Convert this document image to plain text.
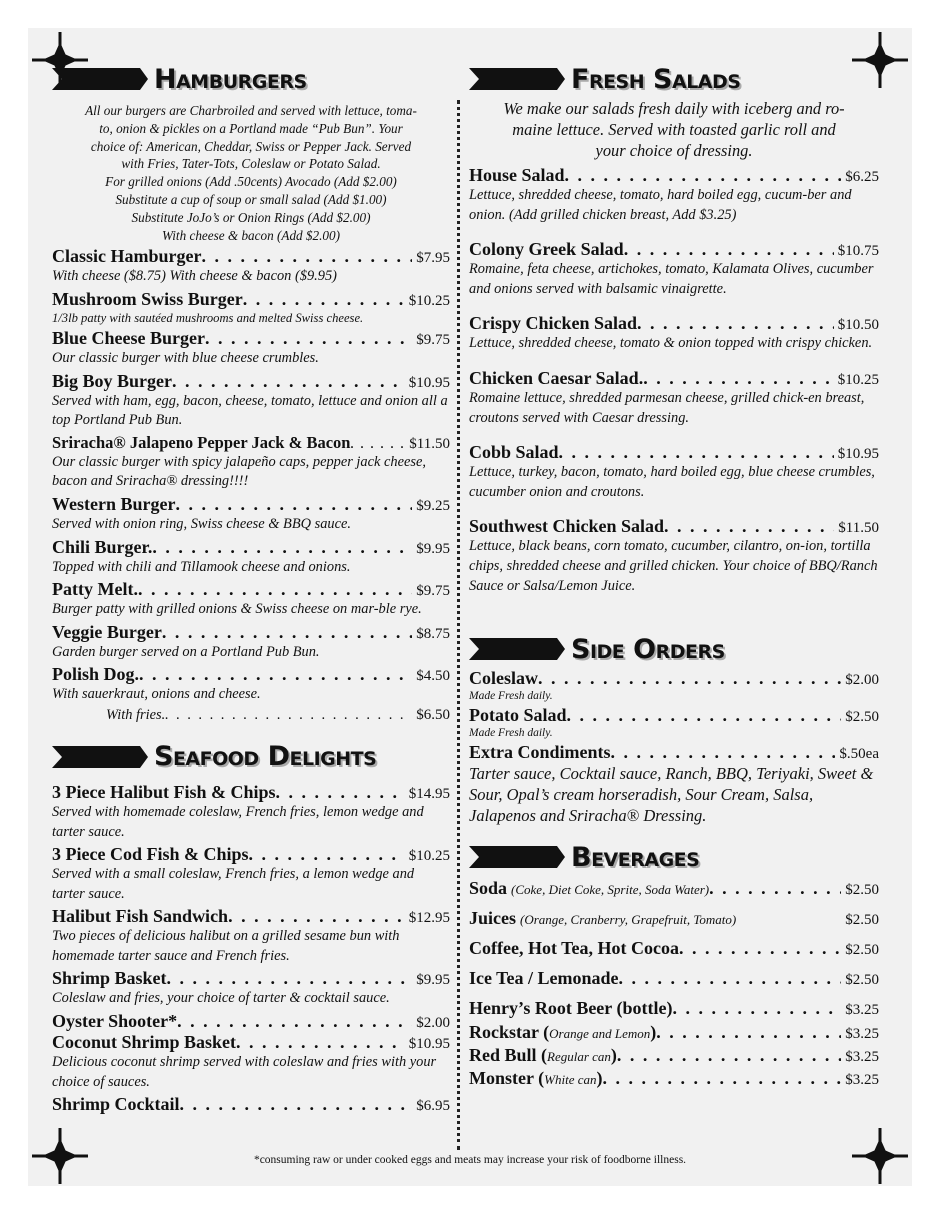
Hamburgers
All our burgers are Charbroiled and served with lettuce, toma-
to, onion & pickles on a Portland made “Pub Bun”. Your
choice of: American, Cheddar, Swiss or Pepper Jack. Served
with Fries, Tater-Tots, Coleslaw or Potato Salad.
For grilled onions (Add .50cents) Avocado (Add $2.00)
Substitute a cup of soup or small salad (Add $1.00)
Substitute JoJo’s or Onion Rings (Add $2.00)
With cheese & bacon (Add $2.00)
Classic Hamburger . . .	$7.95
With cheese ($8.75) With cheese & bacon ($9.95)
Mushroom Swiss Burger . . .	$10.25
1/3lb patty with sautéed mushrooms and melted Swiss cheese.
Blue Cheese Burger . . .	$9.75
Our classic burger with blue cheese crumbles.
Big Boy Burger . . .	$10.95
Served with ham, egg, bacon, cheese, tomato, lettuce and onion all a top Portland Pub Bun.
Sriracha® Jalapeno Pepper Jack & Bacon . . .	$11.50
Our classic burger with spicy jalapeño caps, pepper jack cheese, bacon and Sriracha® dressing!!!!
Western Burger . . .	$9.25
Served with onion ring, Swiss cheese & BBQ sauce.
Chili Burger. . . .	$9.95
Topped with chili and Tillamook cheese and onions.
Patty Melt. . . .	$9.75
Burger patty with grilled onions & Swiss cheese on mar-ble rye.
Veggie Burger . . .	$8.75
Garden burger served on a Portland Pub Bun.
Polish Dog. . . .	$4.50
With sauerkraut, onions and cheese.
With fries. . . .	$6.50
Seafood Delights
3 Piece Halibut Fish & Chips . . .	$14.95
Served with homemade coleslaw, French fries, lemon wedge and tarter sauce.
3 Piece Cod Fish & Chips . . .	$10.25
Served with a small coleslaw, French fries, a lemon wedge and tarter sauce.
Halibut Fish Sandwich . . .	$12.95
Two pieces of delicious halibut on a grilled sesame bun with homemade tarter sauce and French fries.
Shrimp Basket . . .	$9.95
Coleslaw and fries, your choice of tarter & cocktail sauce.
Oyster Shooter* . . .	$2.00
Coconut Shrimp Basket . . .	$10.95
Delicious coconut shrimp served with coleslaw and fries with your choice of sauces.
Shrimp Cocktail . . .	$6.95
Fresh Salads
We make our salads fresh daily with iceberg and ro-
maine lettuce. Served with toasted garlic roll and
your choice of dressing.
House Salad . . .	$6.25
Lettuce, shredded cheese, tomato, hard boiled egg, cucum-ber and onion. (Add grilled chicken breast, Add $3.25)
Colony Greek Salad . . .	$10.75
Romaine, feta cheese, artichokes, tomato, Kalamata Olives, cucumber and onions served with balsamic vinaigrette.
Crispy Chicken Salad . . .	$10.50
Lettuce, shredded cheese, tomato & onion topped with crispy chicken.
Chicken Caesar Salad. . . .	$10.25
Romaine lettuce, shredded parmesan cheese, grilled chick-en breast, croutons served with Caesar dressing.
Cobb Salad . . .	$10.95
Lettuce, turkey, bacon, tomato, hard boiled egg, blue cheese crumbles, cucumber onion and croutons.
Southwest Chicken Salad . . .	$11.50
Lettuce, black beans, corn tomato, cucumber, cilantro, on-ion, tortilla chips, shredded cheese and grilled chicken. Your choice of BBQ/Ranch Sauce or Salsa/Lemon Juice.
Side Orders
Coleslaw . . .	$2.00
Made Fresh daily.
Potato Salad . . .	$2.50
Made Fresh daily.
Extra Condiments . . .	$.50ea
Tarter sauce, Cocktail sauce, Ranch, BBQ, Teriyaki, Sweet & Sour, Opal’s cream horseradish, Sour Cream, Salsa, Jalapenos and Sriracha® Dressing.
Beverages
Soda
(Coke, Diet Coke, Sprite, Soda Water) . . .	$2.50
Juices
(Orange, Cranberry, Grapefruit, Tomato)	$2.50
Coffee, Hot Tea, Hot Cocoa . . .	$2.50
Ice Tea / Lemonade . . .	$2.50
Henry’s Root Beer (bottle) . . .	$3.25
Rockstar ( Orange and Lemon ) . . .	$3.25
Red Bull ( Regular can ) . . .	$3.25
Monster ( White can ) . . .	$3.25
*consuming raw or under cooked eggs and meats may increase your risk of foodborne illness.
